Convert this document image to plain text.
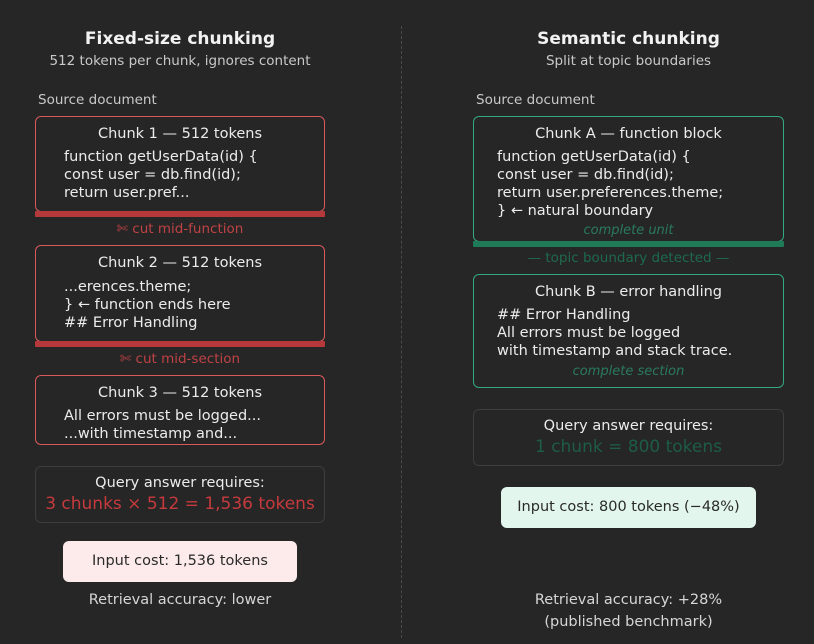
Fixed-size chunking
512 tokens per chunk, ignores content
Source document
Chunk 1 — 512 tokens
function getUserData(id) {
const user = db.find(id);
return user.pref...
✄ cut mid-function
Chunk 2 — 512 tokens
...erences.theme;
} ← function ends here
## Error Handling
✄ cut mid-section
Chunk 3 — 512 tokens
All errors must be logged...
...with timestamp and...
Query answer requires:
3 chunks × 512 = 1,536 tokens
Input cost: 1,536 tokens
Retrieval accuracy: lower
Semantic chunking
Split at topic boundaries
Source document
Chunk A — function block
function getUserData(id) {
const user = db.find(id);
return user.preferences.theme;
} ← natural boundary
complete unit
— topic boundary detected —
Chunk B — error handling
## Error Handling
All errors must be logged
with timestamp and stack trace.
complete section
Query answer requires:
1 chunk = 800 tokens
Input cost: 800 tokens (−48%)
Retrieval accuracy: +28%
(published benchmark)
